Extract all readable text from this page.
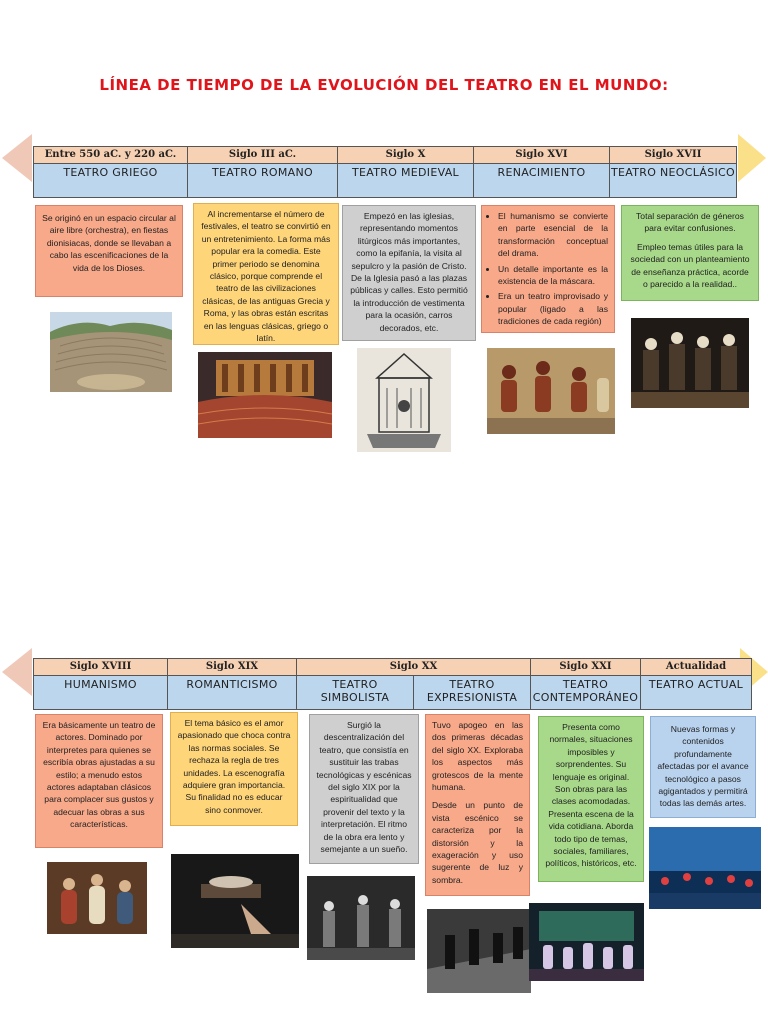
LÍNEA DE TIEMPO DE LA EVOLUCIÓN DEL TEATRO EN EL MUNDO:
Entre 550 aC. y 220 aC.
TEATRO GRIEGO
Siglo III aC.
TEATRO ROMANO
Siglo X
TEATRO MEDIEVAL
Siglo XVI
RENACIMIENTO
Siglo XVII
TEATRO NEOCLÁSICO
Se originó en un espacio circular al aire libre (orchestra), en fiestas dionisiacas, donde se llevaban a cabo las escenificaciones de la vida de los Dioses.
Al incrementarse el número de festivales, el teatro se convirtió en un entretenimiento. La forma más popular era la comedia. Este primer periodo se denomina clásico, porque comprende el teatro de las civilizaciones clásicas, de las antiguas Grecia y Roma, y las obras están escritas en las lenguas clásicas, griego o latín.
Empezó en las iglesias, representando momentos litúrgicos más importantes, como la epifanía, la visita al sepulcro y la pasión de Cristo. De la Iglesia pasó a las plazas públicas y calles. Esto permitió la introducción de vestimenta para la ocasión, carros decorados, etc.
• El humanismo se convierte en parte esencial de la transformación conceptual del drama.
• Un detalle importante es la existencia de la máscara.
• Era un teatro improvisado y popular (ligado a las tradiciones de cada región)

Total separación de géneros para evitar confusiones.

Empleo temas útiles para la sociedad con un planteamiento de enseñanza práctica, acorde o parecido a la realidad..

Siglo XVIII
HUMANISMO
Siglo XIX
ROMANTICISMO
Siglo XX
TEATRO SIMBOLISTA
TEATRO EXPRESIONISTA
Siglo XXI
TEATRO CONTEMPORÁNEO
Actualidad
TEATRO ACTUAL
Era básicamente un teatro de actores. Dominado por interpretes para quienes se escribía obras ajustadas a su estilo; a menudo estos actores adaptaban clásicos para complacer sus gustos y adecuar las obras a sus características.
El tema básico es el amor apasionado que choca contra las normas sociales. Se rechaza la regla de tres unidades. La escenografía adquiere gran importancia. Su finalidad no es educar sino conmover.
Surgió la descentralización del teatro, que consistía en sustituir las trabas tecnológicas y escénicas del siglo XIX por la espiritualidad que provenir del texto y la interpretación. El ritmo de la obra era lento y semejante a un sueño.

Tuvo apogeo en las dos primeras décadas del siglo XX. Exploraba los aspectos más grotescos de la mente humana.

Desde un punto de vista escénico se caracteriza por la distorsión y la exageración y uso sugerente de luz y sombra.

Presenta como normales, situaciones imposibles y sorprendentes. Su lenguaje es original. Son obras para las clases acomodadas. Presenta escena de la vida cotidiana. Aborda todo tipo de temas, sociales, familiares, políticos, históricos, etc.
Nuevas formas y contenidos profundamente afectadas por el avance tecnológico a pasos agigantados y permitirá todas las demás artes.
